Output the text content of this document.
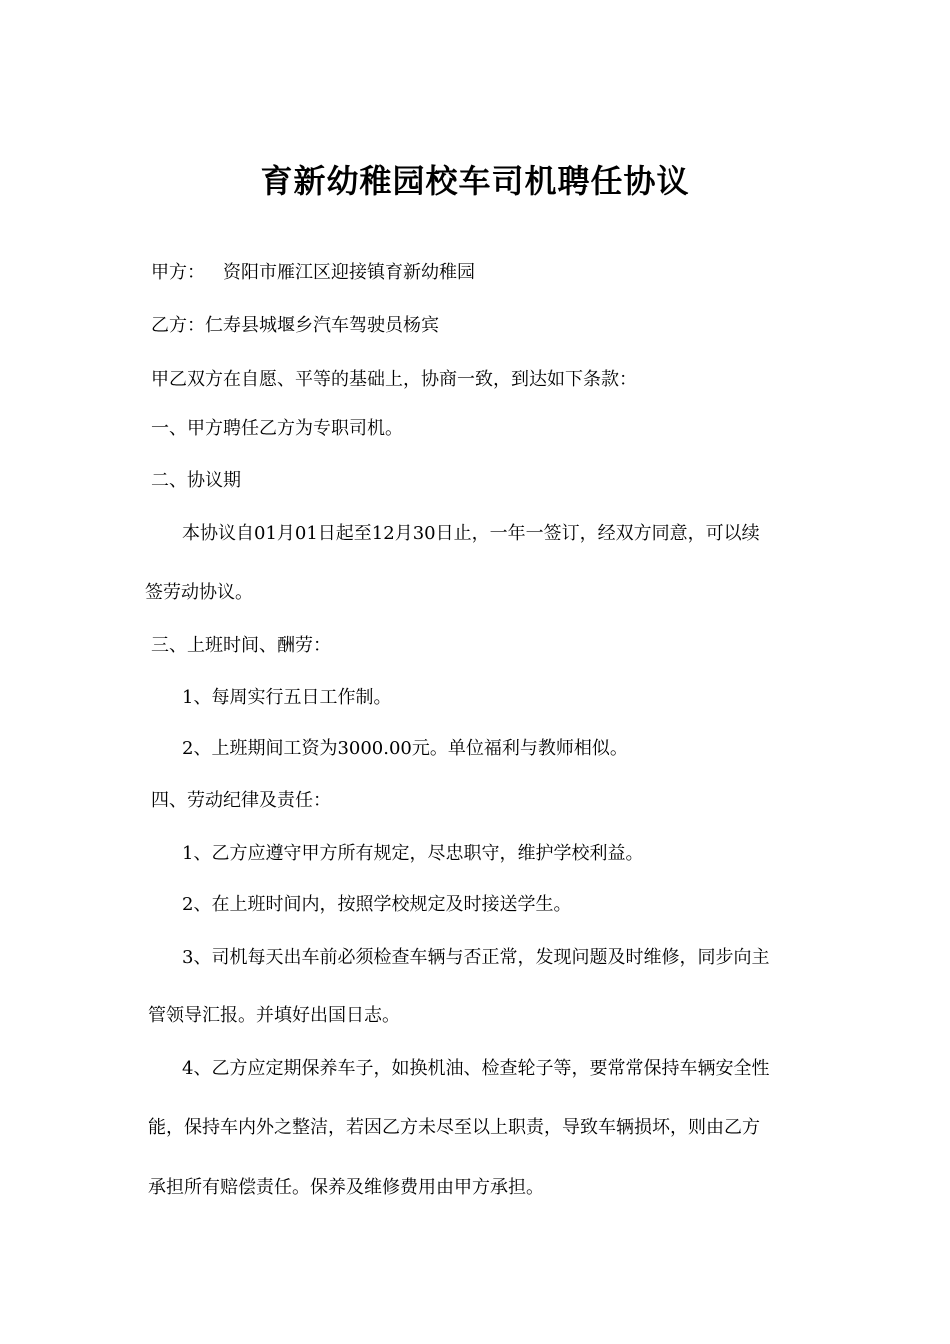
育新幼稚园校车司机聘任协议

甲方： 资阳市雁江区迎接镇育新幼稚园

乙方：仁寿县城堰乡汽车驾驶员杨宾

甲乙双方在自愿、平等的基础上，协商一致，到达如下条款：

一、甲方聘任乙方为专职司机。

二、协议期

本协议自01月01日起至12月30日止，一年一签订，经双方同意，可以续

签劳动协议。

三、上班时间、酬劳：

1、每周实行五日工作制。

2、上班期间工资为3000.00元。单位福利与教师相似。

四、劳动纪律及责任：

1、乙方应遵守甲方所有规定，尽忠职守，维护学校利益。

2、在上班时间内，按照学校规定及时接送学生。

3、司机每天出车前必须检查车辆与否正常，发现问题及时维修，同步向主

管领导汇报。并填好出国日志。

4、乙方应定期保养车子，如换机油、检查轮子等，要常常保持车辆安全性

能，保持车内外之整洁，若因乙方未尽至以上职责，导致车辆损坏，则由乙方

承担所有赔偿责任。保养及维修费用由甲方承担。
